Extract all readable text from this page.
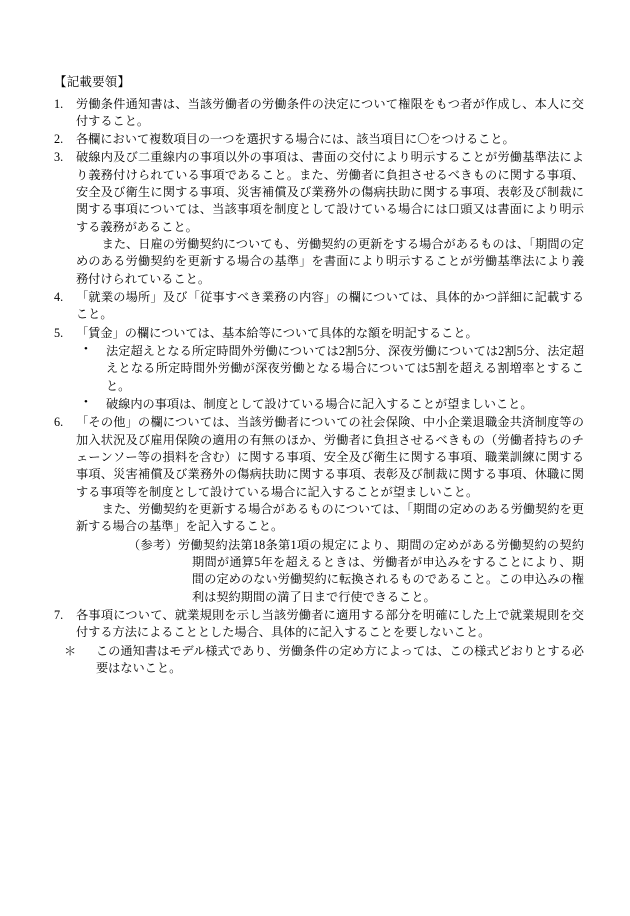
【記載要領】
1.	労働条件通知書は、当該労働者の労働条件の決定について権限をもつ者が作成し、本人に交付すること。

2.	各欄において複数項目の一つを選択する場合には、該当項目に〇をつけること。

3.	破線内及び二重線内の事項以外の事項は、書面の交付により明示することが労働基準法により義務付けられている事項であること。また、労働者に負担させるべきものに関する事項、安全及び衛生に関する事項、災害補償及び業務外の傷病扶助に関する事項、表彰及び制裁に関する事項については、当該事項を制度として設けている場合には口頭又は書面により明示する義務があること。

また、日雇の労働契約についても、労働契約の更新をする場合があるものは、「期間の定めのある労働契約を更新する場合の基準」を書面により明示することが労働基準法により義務付けられていること。

4.	「就業の場所」及び「従事すべき業務の内容」の欄については、具体的かつ詳細に記載すること。

5.	「賃金」の欄については、基本給等について具体的な額を明記すること。

• 法定超えとなる所定時間外労働については2割5分、深夜労働については2割5分、法定超えとなる所定時間外労働が深夜労働となる場合については5割を超える割増率とすること。
• 破線内の事項は、制度として設けている場合に記入することが望ましいこと。
6.	「その他」の欄については、当該労働者についての社会保険、中小企業退職金共済制度等の加入状況及び雇用保険の適用の有無のほか、労働者に負担させるべきもの（労働者持ちのチェーンソー等の損料を含む）に関する事項、安全及び衛生に関する事項、職業訓練に関する事項、災害補償及び業務外の傷病扶助に関する事項、表彰及び制裁に関する事項、休職に関する事項等を制度として設けている場合に記入することが望ましいこと。

また、労働契約を更新する場合があるものについては、「期間の定めのある労働契約を更新する場合の基準」を記入すること。

（参考）労働契約法第18条第1項の規定により、期間の定めがある労働契約の契約期間が通算5年を超えるときは、労働者が申込みをすることにより、期間の定めのない労働契約に転換されるものであること。この申込みの権利は契約期間の満了日まで行使できること。
7.	各事項について、就業規則を示し当該労働者に適用する部分を明確にした上で就業規則を交付する方法によることとした場合、具体的に記入することを要しないこと。

＊	この通知書はモデル様式であり、労働条件の定め方によっては、この様式どおりとする必要はないこと。
